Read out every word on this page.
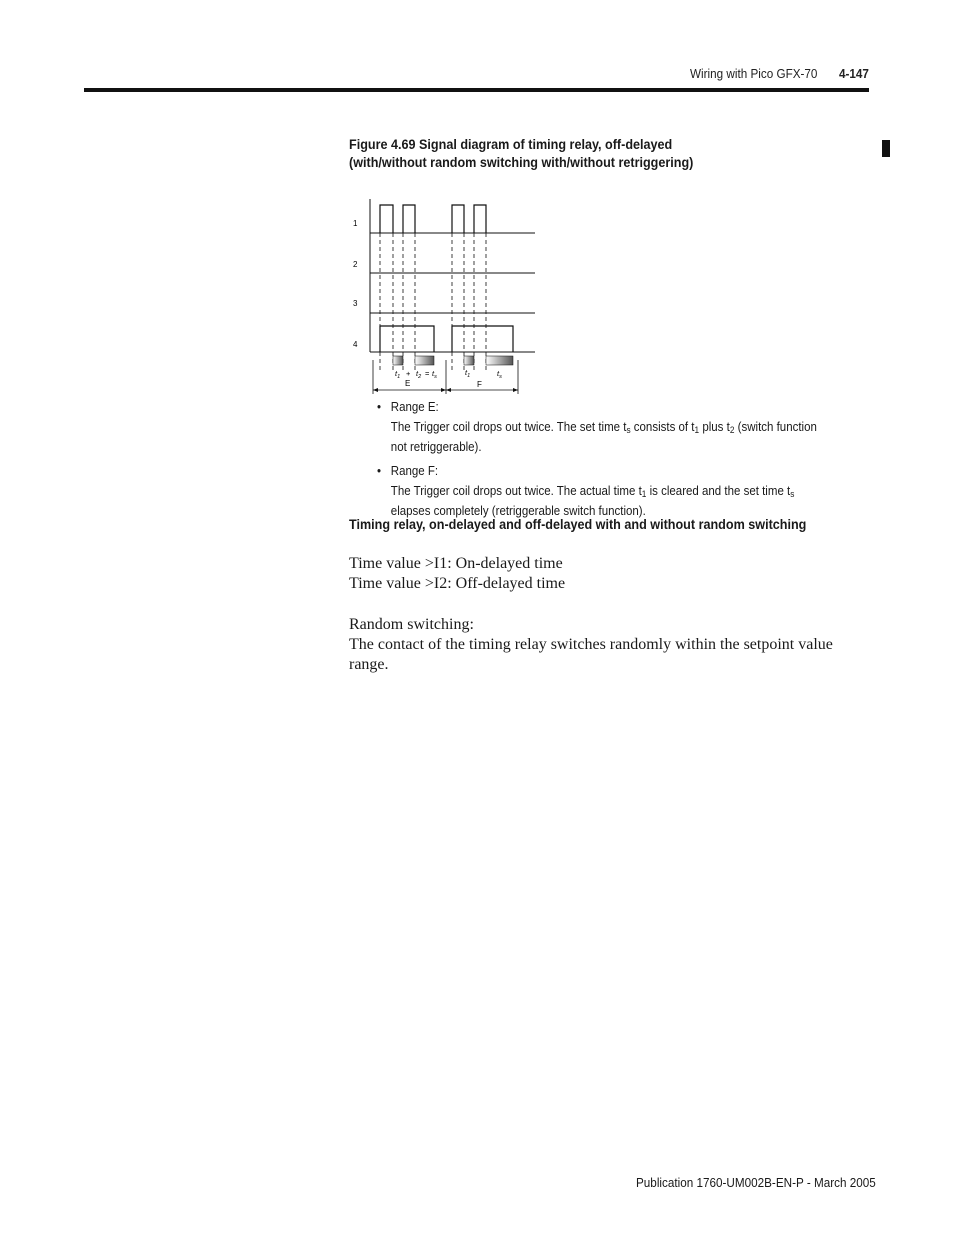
Wiring with Pico GFX-70 4-147
Figure 4.69 Signal diagram of timing relay, off-delayed
(with/without random switching with/without retriggering)
1
2
3
4
$t_1 + t_2 = t_s$	$t_1$	$t_s$
E	F
• Range E:
The Trigger coil drops out twice. The set time $t_s$ consists of $t_1$ plus $t_2$ (switch function not retriggerable).
• Range F:
The Trigger coil drops out twice. The actual time $t_1$ is cleared and the set time $t_s$ elapses completely (retriggerable switch function).
Timing relay, on-delayed and off-delayed with and without random switching
Time value >I1: On-delayed time
Time value >I2: Off-delayed time
Random switching:
The contact of the timing relay switches randomly within the setpoint value range.
Publication 1760-UM002B-EN-P - March 2005
